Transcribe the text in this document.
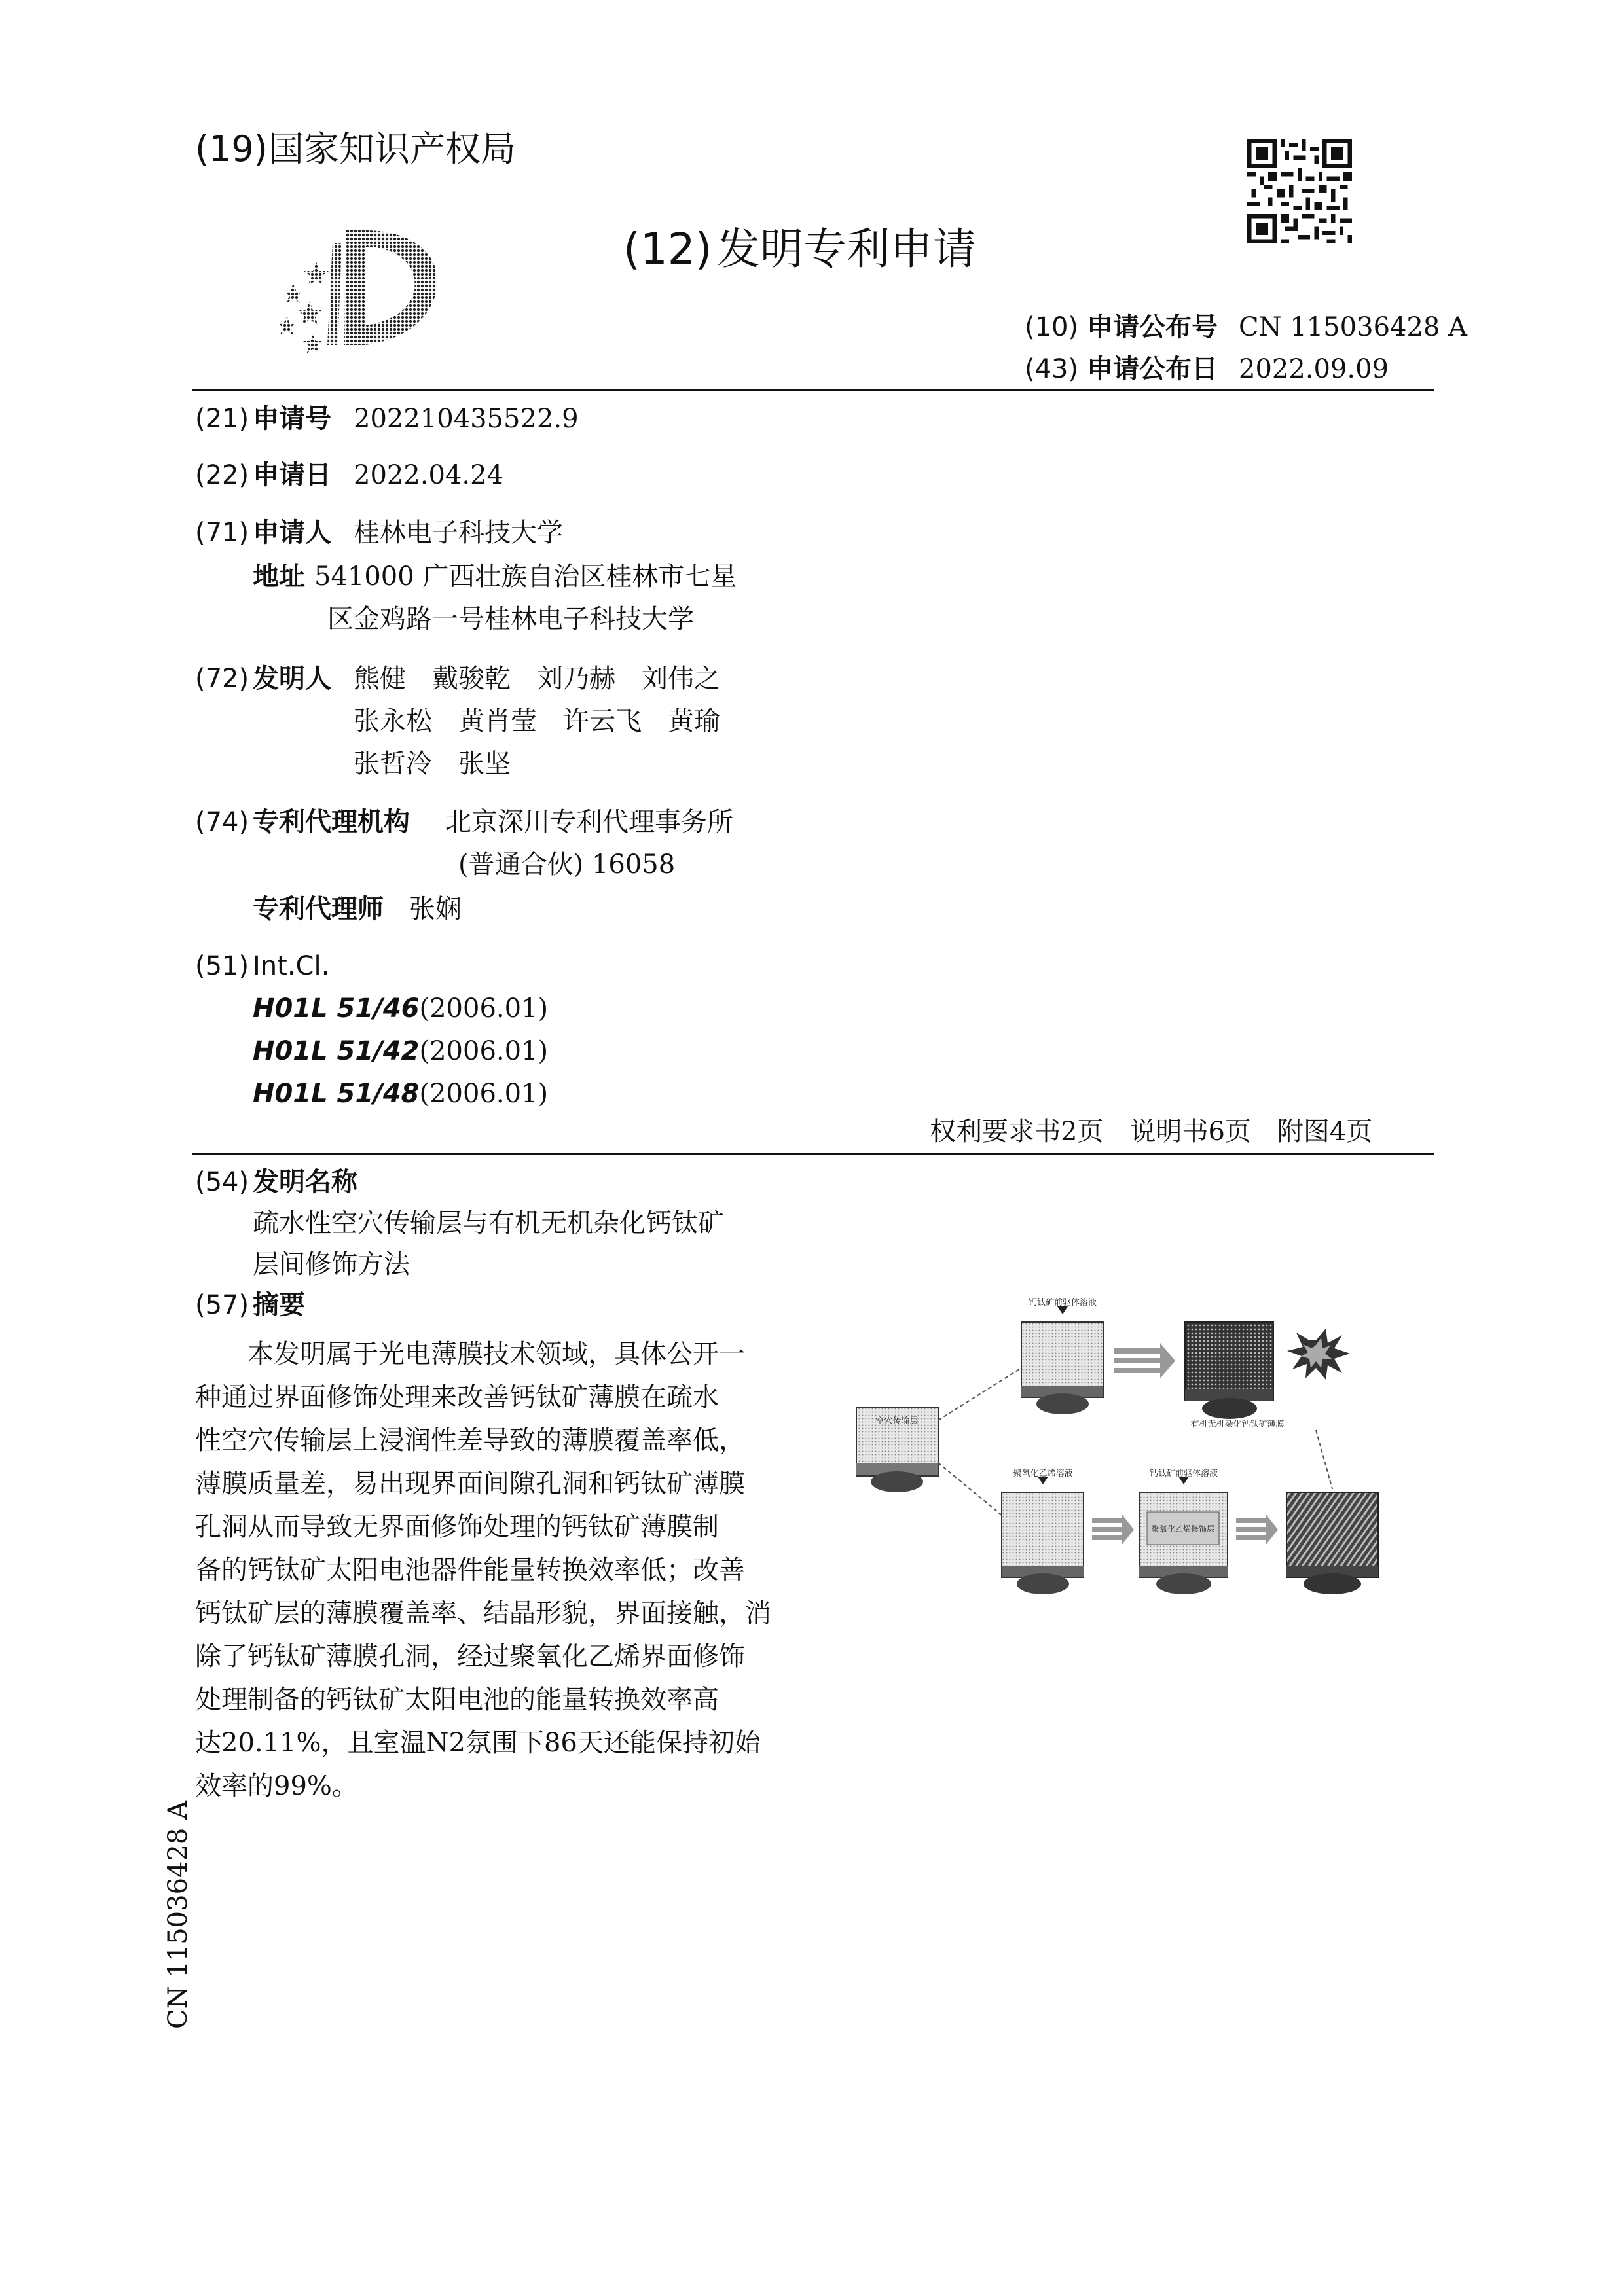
(19) 国家知识产权局
(12) 发明专利申请
(10) 申请公布号 CN 115036428 A
(43) 申请公布日 2022.09.09
(21) 申请号 202210435522.9
(22) 申请日 2022.04.24
(71) 申请人 桂林电子科技大学
地址 541000 广西壮族自治区桂林市七星
区金鸡路一号桂林电子科技大学
(72) 发明人 熊健　戴骏乾　刘乃赫　刘伟之
张永松　黄肖莹　许云飞　黄瑜
张哲泠　张坚
(74) 专利代理机构 北京深川专利代理事务所
(普通合伙) 16058
专利代理师 张娴
(51) Int.Cl.
H01L 51/46(2006.01)
H01L 51/42(2006.01)
H01L 51/48(2006.01)
权利要求书2页　说明书6页　附图4页
(54) 发明名称
疏水性空穴传输层与有机无机杂化钙钛矿
层间修饰方法
(57) 摘要

　　本发明属于光电薄膜技术领域，具体公开一

种通过界面修饰处理来改善钙钛矿薄膜在疏水

性空穴传输层上浸润性差导致的薄膜覆盖率低，

薄膜质量差，易出现界面间隙孔洞和钙钛矿薄膜

孔洞从而导致无界面修饰处理的钙钛矿薄膜制

备的钙钛矿太阳电池器件能量转换效率低；改善

钙钛矿层的薄膜覆盖率、结晶形貌，界面接触，消

除了钙钛矿薄膜孔洞，经过聚氧化乙烯界面修饰

处理制备的钙钛矿太阳电池的能量转换效率高

达20.11%，且室温N2氛围下86天还能保持初始

效率的99%。

空穴传输层
钙钛矿前驱体溶液
有机无机杂化钙钛矿薄膜
聚氧化乙烯溶液
聚氧化乙烯修饰层
钙钛矿前驱体溶液
CN 115036428 A
